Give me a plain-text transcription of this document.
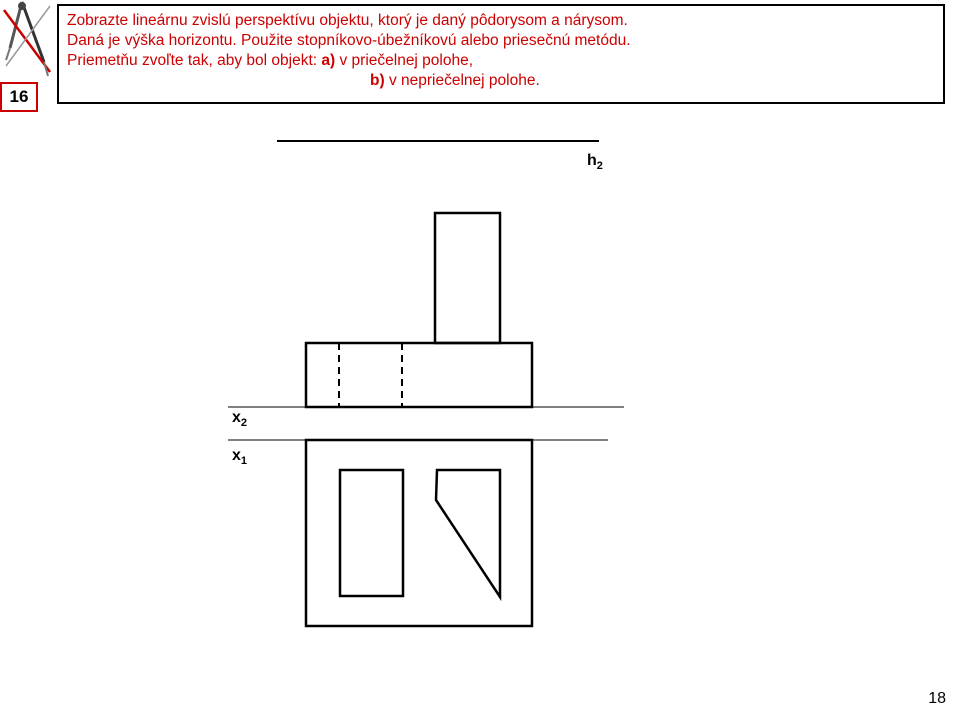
16
Zobrazte lineárnu zvislú perspektívu objektu, ktorý je daný pôdorysom a nárysom.
Daná je výška horizontu. Použite stopníkovo-úbežníkovú alebo priesečnú metódu.
Priemetňu zvoľte tak, aby bol objekt: a) v priečelnej polohe,
b) v nepriečelnej polohe.
$h_2$
$x_2$
$x_1$
18
